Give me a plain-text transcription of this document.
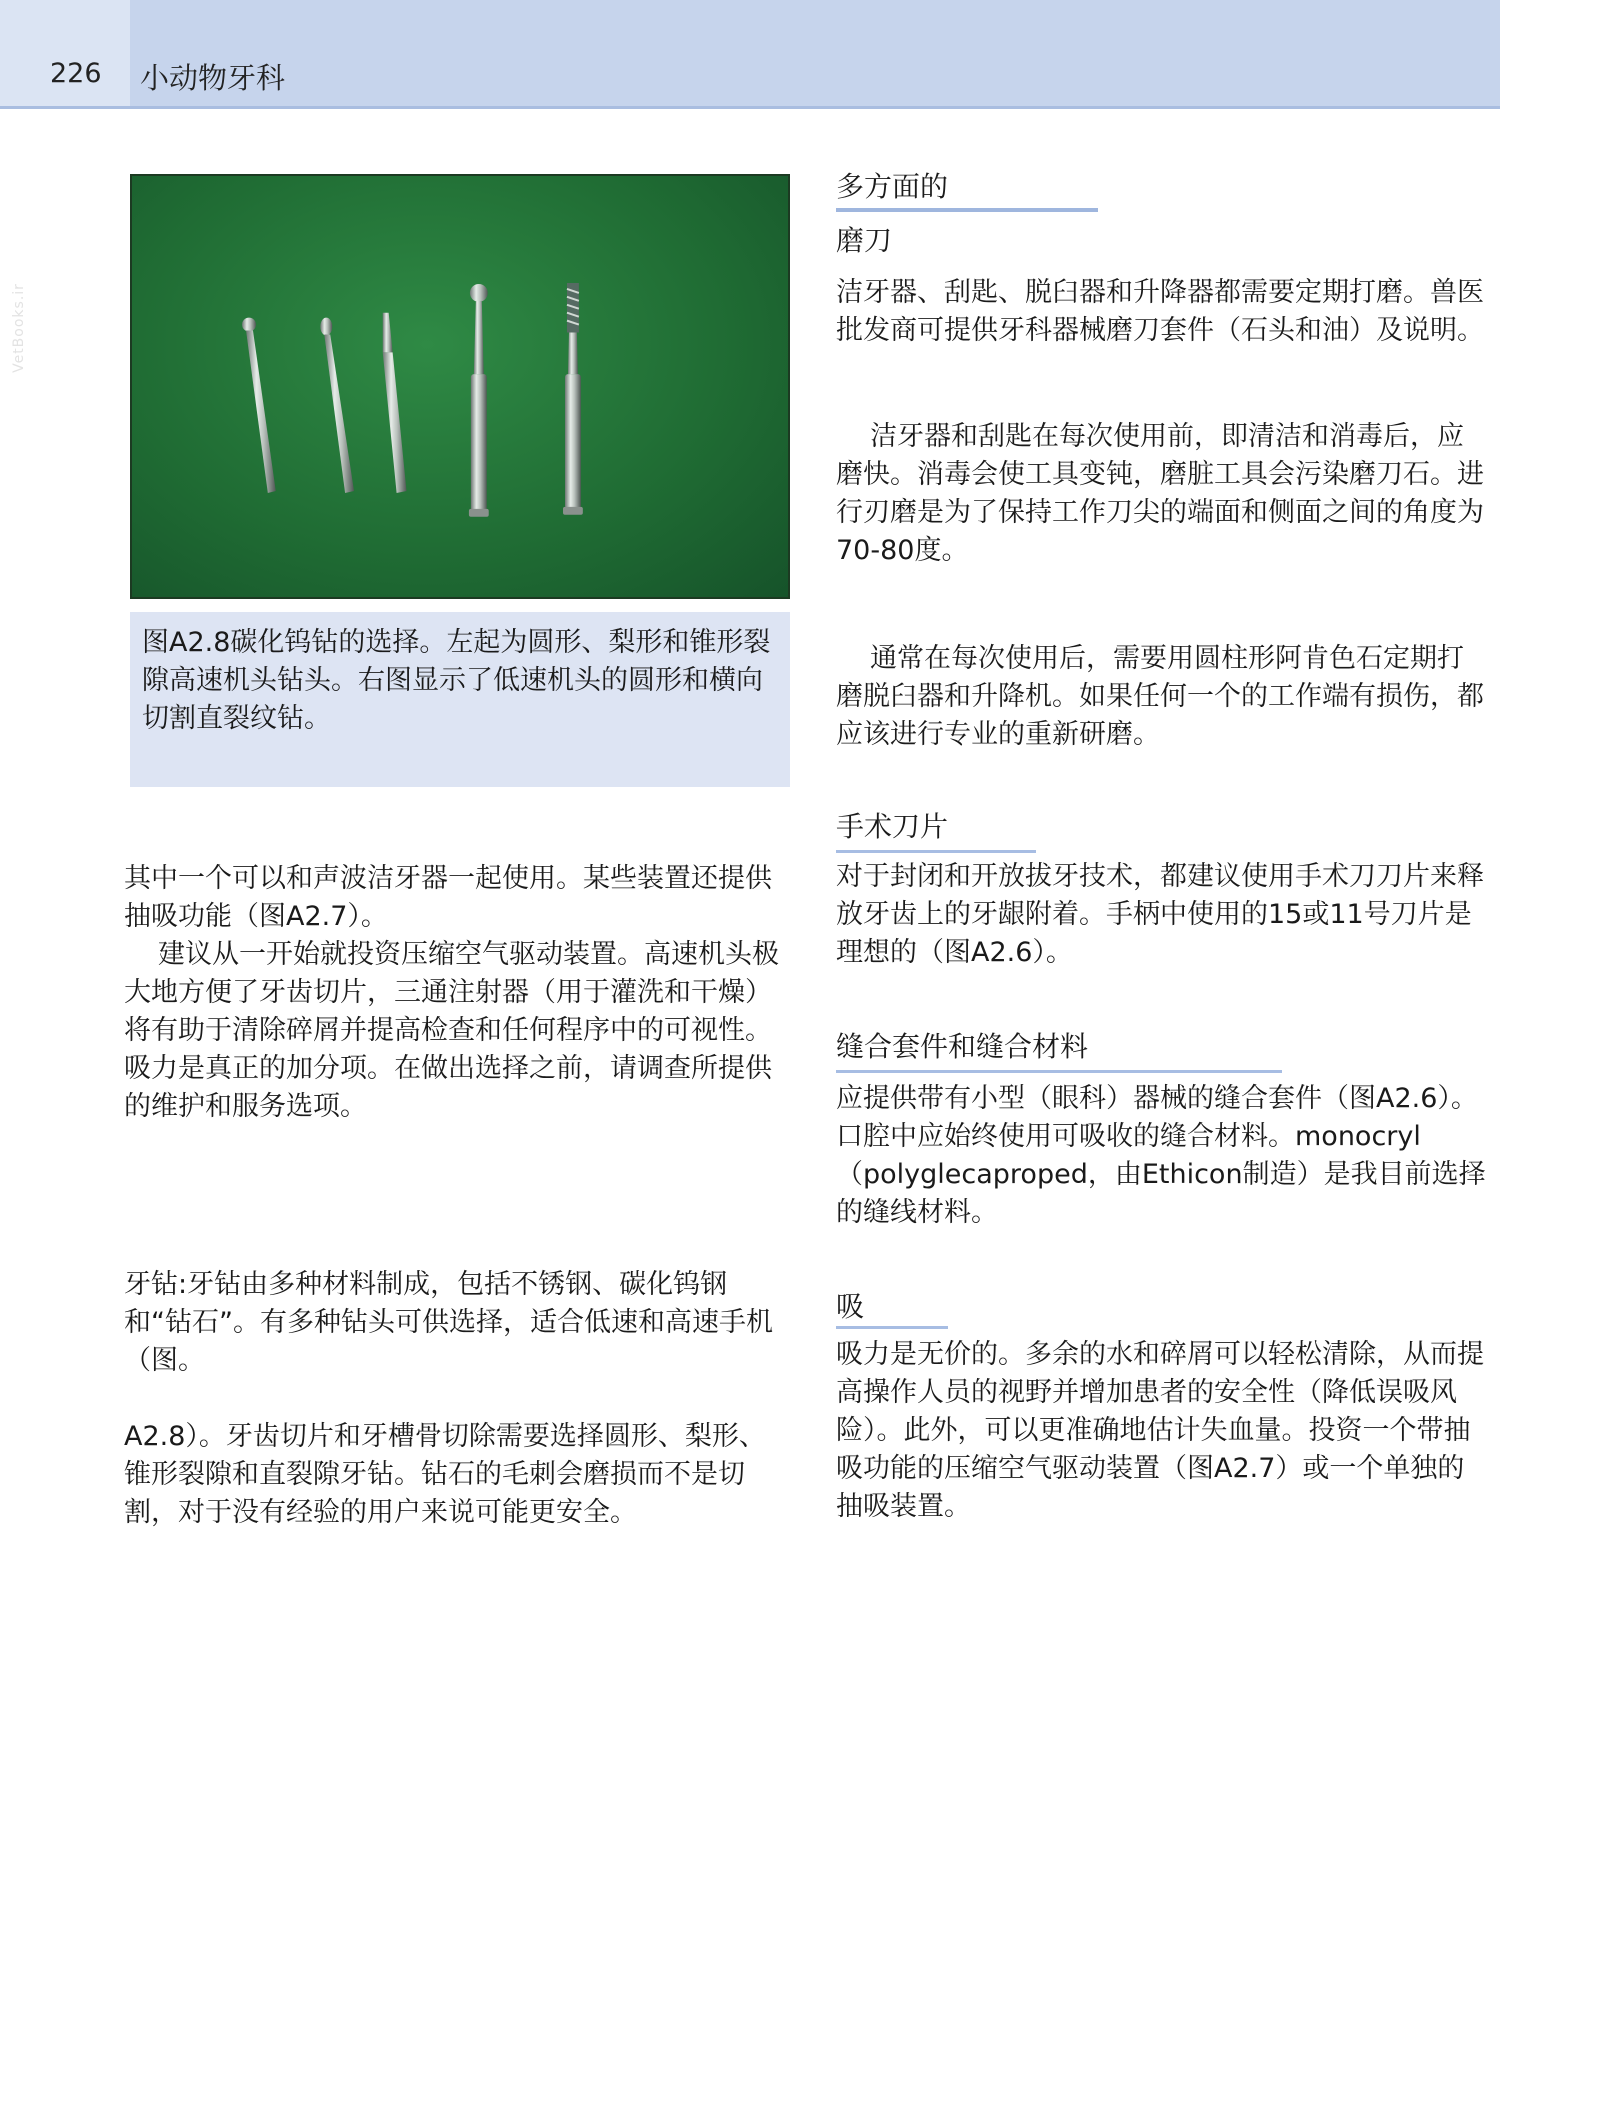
226 小动物牙科
VetBooks.ir
图A2.8碳化钨钻的选择。左起为圆形、梨形和锥形裂隙高速机头钻头。右图显示了低速机头的圆形和横向切割直裂纹钻。

其中一个可以和声波洁牙器一起使用。某些装置还提供抽吸功能（图A2.7）。

建议从一开始就投资压缩空气驱动装置。高速机头极大地方便了牙齿切片，三通注射器（用于灌洗和干燥）将有助于清除碎屑并提高检查和任何程序中的可视性。吸力是真正的加分项。在做出选择之前，请调查所提供的维护和服务选项。

牙钻:牙钻由多种材料制成，包括不锈钢、碳化钨钢和“钻石”。有多种钻头可供选择，适合低速和高速手机（图。

A2.8）。牙齿切片和牙槽骨切除需要选择圆形、梨形、锥形裂隙和直裂隙牙钻。钻石的毛刺会磨损而不是切割，对于没有经验的用户来说可能更安全。

多方面的
磨刀

洁牙器、刮匙、脱臼器和升降器都需要定期打磨。兽医批发商可提供牙科器械磨刀套件（石头和油）及说明。

洁牙器和刮匙在每次使用前，即清洁和消毒后，应磨快。消毒会使工具变钝，磨脏工具会污染磨刀石。进行刃磨是为了保持工作刀尖的端面和侧面之间的角度为70-80度。

通常在每次使用后，需要用圆柱形阿肯色石定期打磨脱臼器和升降机。如果任何一个的工作端有损伤，都应该进行专业的重新研磨。

手术刀片

对于封闭和开放拔牙技术，都建议使用手术刀刀片来释放牙齿上的牙龈附着。手柄中使用的15或11号刀片是理想的（图A2.6）。

缝合套件和缝合材料

应提供带有小型（眼科）器械的缝合套件（图A2.6）。口腔中应始终使用可吸收的缝合材料。monocryl（polyglecaproped，由Ethicon制造）是我目前选择的缝线材料。

吸

吸力是无价的。多余的水和碎屑可以轻松清除，从而提高操作人员的视野并增加患者的安全性（降低误吸风险）。此外，可以更准确地估计失血量。投资一个带抽吸功能的压缩空气驱动装置（图A2.7）或一个单独的抽吸装置。
